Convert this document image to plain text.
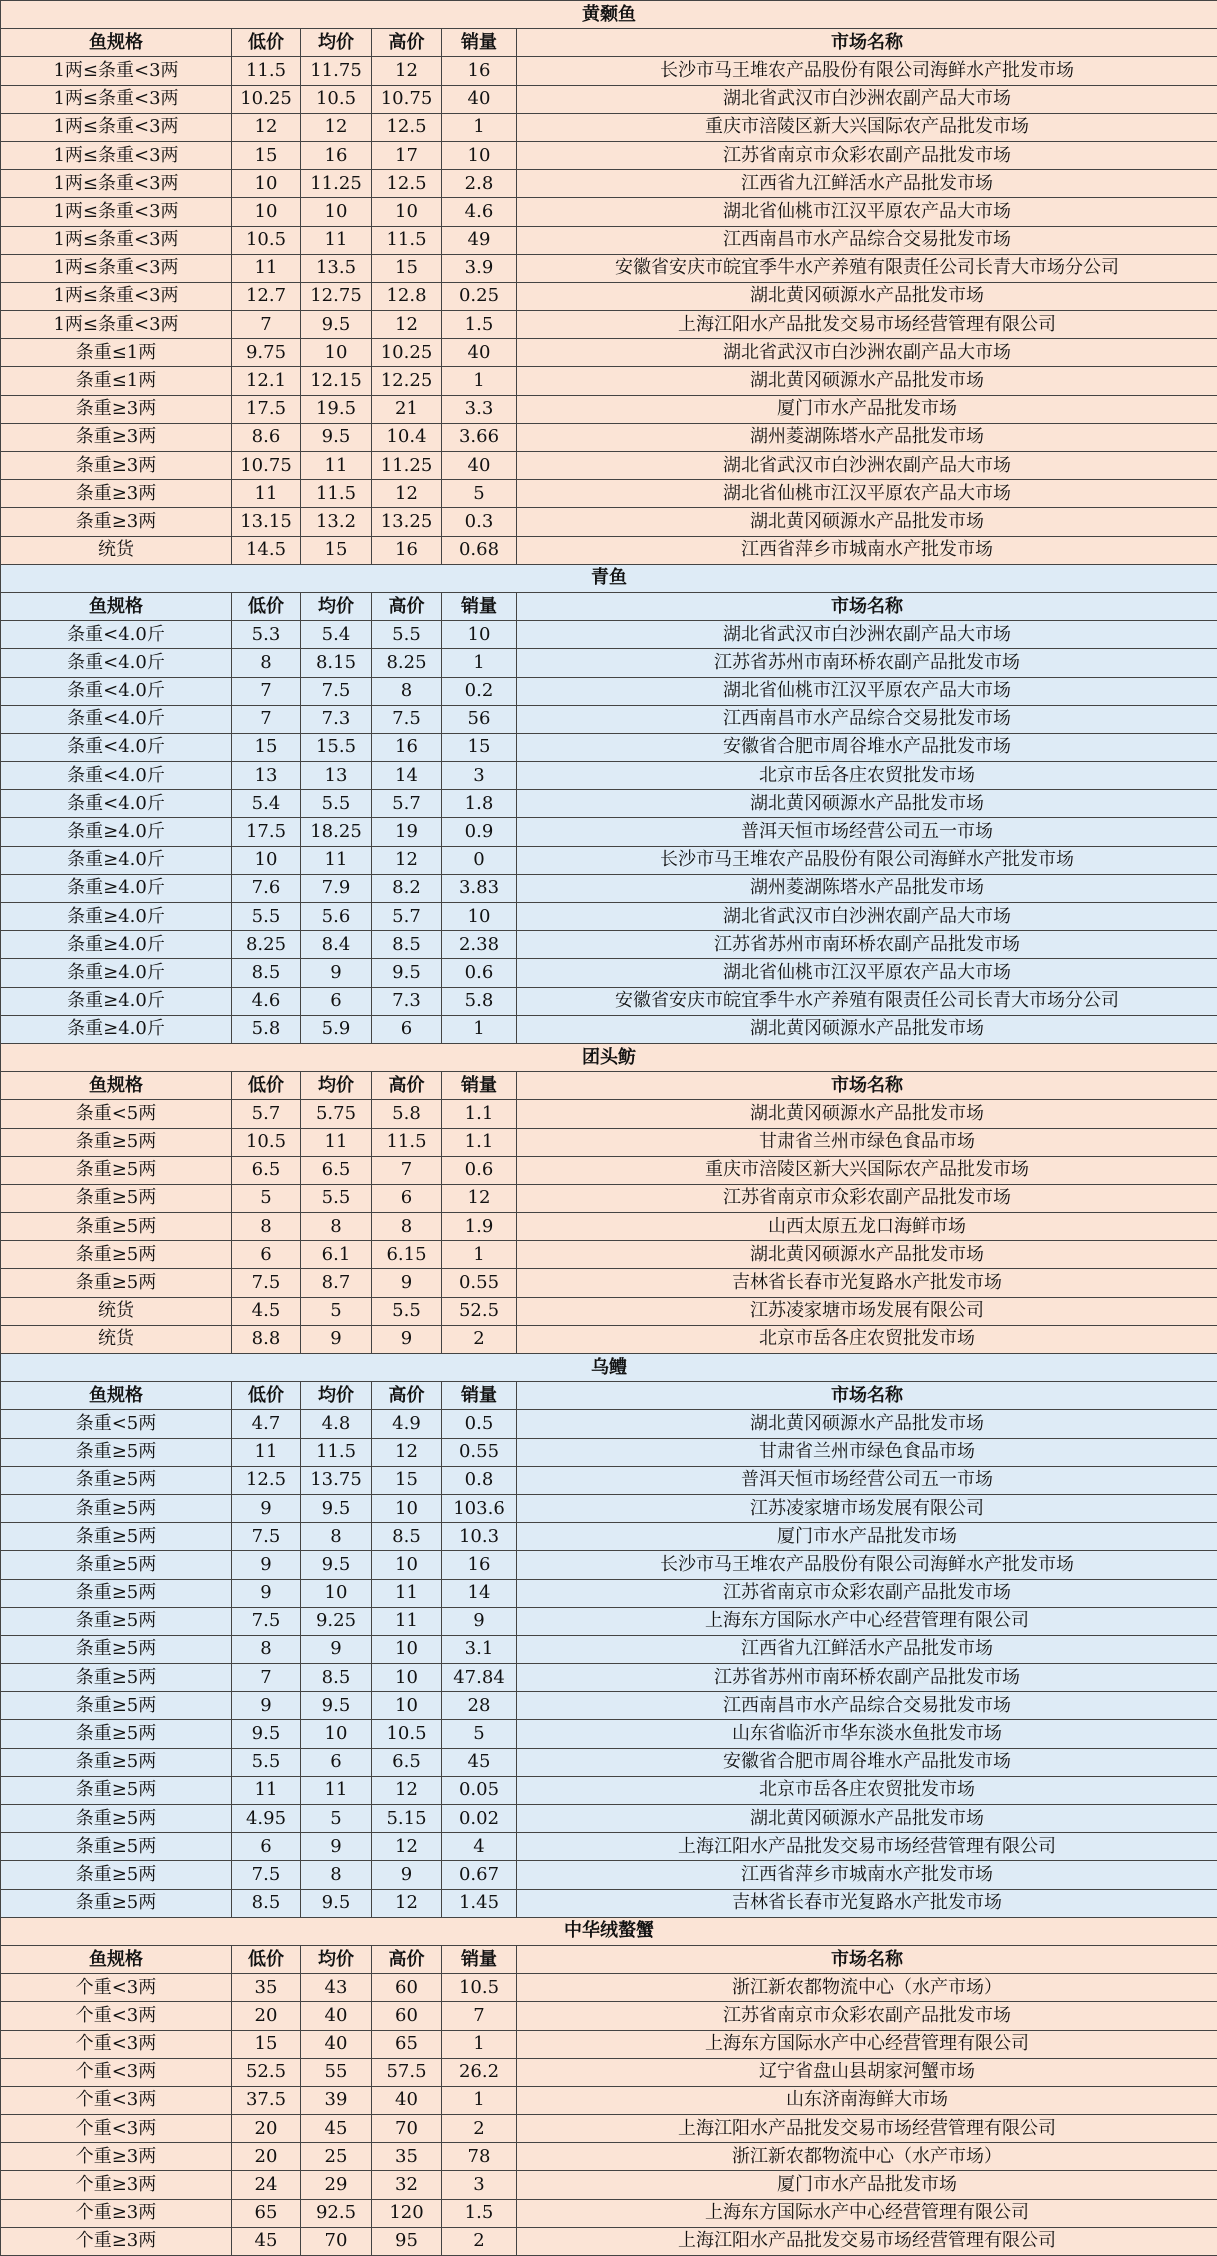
黄颡鱼					
鱼规格	低价	均价	高价	销量	市场名称
1两≤条重<3两	11.5	11.75	12	16	长沙市马王堆农产品股份有限公司海鲜水产批发市场
1两≤条重<3两	10.25	10.5	10.75	40	湖北省武汉市白沙洲农副产品大市场
1两≤条重<3两	12	12	12.5	1	重庆市涪陵区新大兴国际农产品批发市场
1两≤条重<3两	15	16	17	10	江苏省南京市众彩农副产品批发市场
1两≤条重<3两	10	11.25	12.5	2.8	江西省九江鲜活水产品批发市场
1两≤条重<3两	10	10	10	4.6	湖北省仙桃市江汉平原农产品大市场
1两≤条重<3两	10.5	11	11.5	49	江西南昌市水产品综合交易批发市场
1两≤条重<3两	11	13.5	15	3.9	安徽省安庆市皖宜季牛水产养殖有限责任公司长青大市场分公司
1两≤条重<3两	12.7	12.75	12.8	0.25	湖北黄冈硕源水产品批发市场
1两≤条重<3两	7	9.5	12	1.5	上海江阳水产品批发交易市场经营管理有限公司
条重≤1两	9.75	10	10.25	40	湖北省武汉市白沙洲农副产品大市场
条重≤1两	12.1	12.15	12.25	1	湖北黄冈硕源水产品批发市场
条重≥3两	17.5	19.5	21	3.3	厦门市水产品批发市场
条重≥3两	8.6	9.5	10.4	3.66	湖州菱湖陈塔水产品批发市场
条重≥3两	10.75	11	11.25	40	湖北省武汉市白沙洲农副产品大市场
条重≥3两	11	11.5	12	5	湖北省仙桃市江汉平原农产品大市场
条重≥3两	13.15	13.2	13.25	0.3	湖北黄冈硕源水产品批发市场
统货	14.5	15	16	0.68	江西省萍乡市城南水产批发市场
青鱼					
鱼规格	低价	均价	高价	销量	市场名称
条重<4.0斤	5.3	5.4	5.5	10	湖北省武汉市白沙洲农副产品大市场
条重<4.0斤	8	8.15	8.25	1	江苏省苏州市南环桥农副产品批发市场
条重<4.0斤	7	7.5	8	0.2	湖北省仙桃市江汉平原农产品大市场
条重<4.0斤	7	7.3	7.5	56	江西南昌市水产品综合交易批发市场
条重<4.0斤	15	15.5	16	15	安徽省合肥市周谷堆水产品批发市场
条重<4.0斤	13	13	14	3	北京市岳各庄农贸批发市场
条重<4.0斤	5.4	5.5	5.7	1.8	湖北黄冈硕源水产品批发市场
条重≥4.0斤	17.5	18.25	19	0.9	普洱天恒市场经营公司五一市场
条重≥4.0斤	10	11	12	0	长沙市马王堆农产品股份有限公司海鲜水产批发市场
条重≥4.0斤	7.6	7.9	8.2	3.83	湖州菱湖陈塔水产品批发市场
条重≥4.0斤	5.5	5.6	5.7	10	湖北省武汉市白沙洲农副产品大市场
条重≥4.0斤	8.25	8.4	8.5	2.38	江苏省苏州市南环桥农副产品批发市场
条重≥4.0斤	8.5	9	9.5	0.6	湖北省仙桃市江汉平原农产品大市场
条重≥4.0斤	4.6	6	7.3	5.8	安徽省安庆市皖宜季牛水产养殖有限责任公司长青大市场分公司
条重≥4.0斤	5.8	5.9	6	1	湖北黄冈硕源水产品批发市场
团头鲂					
鱼规格	低价	均价	高价	销量	市场名称
条重<5两	5.7	5.75	5.8	1.1	湖北黄冈硕源水产品批发市场
条重≥5两	10.5	11	11.5	1.1	甘肃省兰州市绿色食品市场
条重≥5两	6.5	6.5	7	0.6	重庆市涪陵区新大兴国际农产品批发市场
条重≥5两	5	5.5	6	12	江苏省南京市众彩农副产品批发市场
条重≥5两	8	8	8	1.9	山西太原五龙口海鲜市场
条重≥5两	6	6.1	6.15	1	湖北黄冈硕源水产品批发市场
条重≥5两	7.5	8.7	9	0.55	吉林省长春市光复路水产批发市场
统货	4.5	5	5.5	52.5	江苏凌家塘市场发展有限公司
统货	8.8	9	9	2	北京市岳各庄农贸批发市场
乌鳢					
鱼规格	低价	均价	高价	销量	市场名称
条重<5两	4.7	4.8	4.9	0.5	湖北黄冈硕源水产品批发市场
条重≥5两	11	11.5	12	0.55	甘肃省兰州市绿色食品市场
条重≥5两	12.5	13.75	15	0.8	普洱天恒市场经营公司五一市场
条重≥5两	9	9.5	10	103.6	江苏凌家塘市场发展有限公司
条重≥5两	7.5	8	8.5	10.3	厦门市水产品批发市场
条重≥5两	9	9.5	10	16	长沙市马王堆农产品股份有限公司海鲜水产批发市场
条重≥5两	9	10	11	14	江苏省南京市众彩农副产品批发市场
条重≥5两	7.5	9.25	11	9	上海东方国际水产中心经营管理有限公司
条重≥5两	8	9	10	3.1	江西省九江鲜活水产品批发市场
条重≥5两	7	8.5	10	47.84	江苏省苏州市南环桥农副产品批发市场
条重≥5两	9	9.5	10	28	江西南昌市水产品综合交易批发市场
条重≥5两	9.5	10	10.5	5	山东省临沂市华东淡水鱼批发市场
条重≥5两	5.5	6	6.5	45	安徽省合肥市周谷堆水产品批发市场
条重≥5两	11	11	12	0.05	北京市岳各庄农贸批发市场
条重≥5两	4.95	5	5.15	0.02	湖北黄冈硕源水产品批发市场
条重≥5两	6	9	12	4	上海江阳水产品批发交易市场经营管理有限公司
条重≥5两	7.5	8	9	0.67	江西省萍乡市城南水产批发市场
条重≥5两	8.5	9.5	12	1.45	吉林省长春市光复路水产批发市场
中华绒螯蟹					
鱼规格	低价	均价	高价	销量	市场名称
个重<3两	35	43	60	10.5	浙江新农都物流中心（水产市场）
个重<3两	20	40	60	7	江苏省南京市众彩农副产品批发市场
个重<3两	15	40	65	1	上海东方国际水产中心经营管理有限公司
个重<3两	52.5	55	57.5	26.2	辽宁省盘山县胡家河蟹市场
个重<3两	37.5	39	40	1	山东济南海鲜大市场
个重<3两	20	45	70	2	上海江阳水产品批发交易市场经营管理有限公司
个重≥3两	20	25	35	78	浙江新农都物流中心（水产市场）
个重≥3两	24	29	32	3	厦门市水产品批发市场
个重≥3两	65	92.5	120	1.5	上海东方国际水产中心经营管理有限公司
个重≥3两	45	70	95	2	上海江阳水产品批发交易市场经营管理有限公司
